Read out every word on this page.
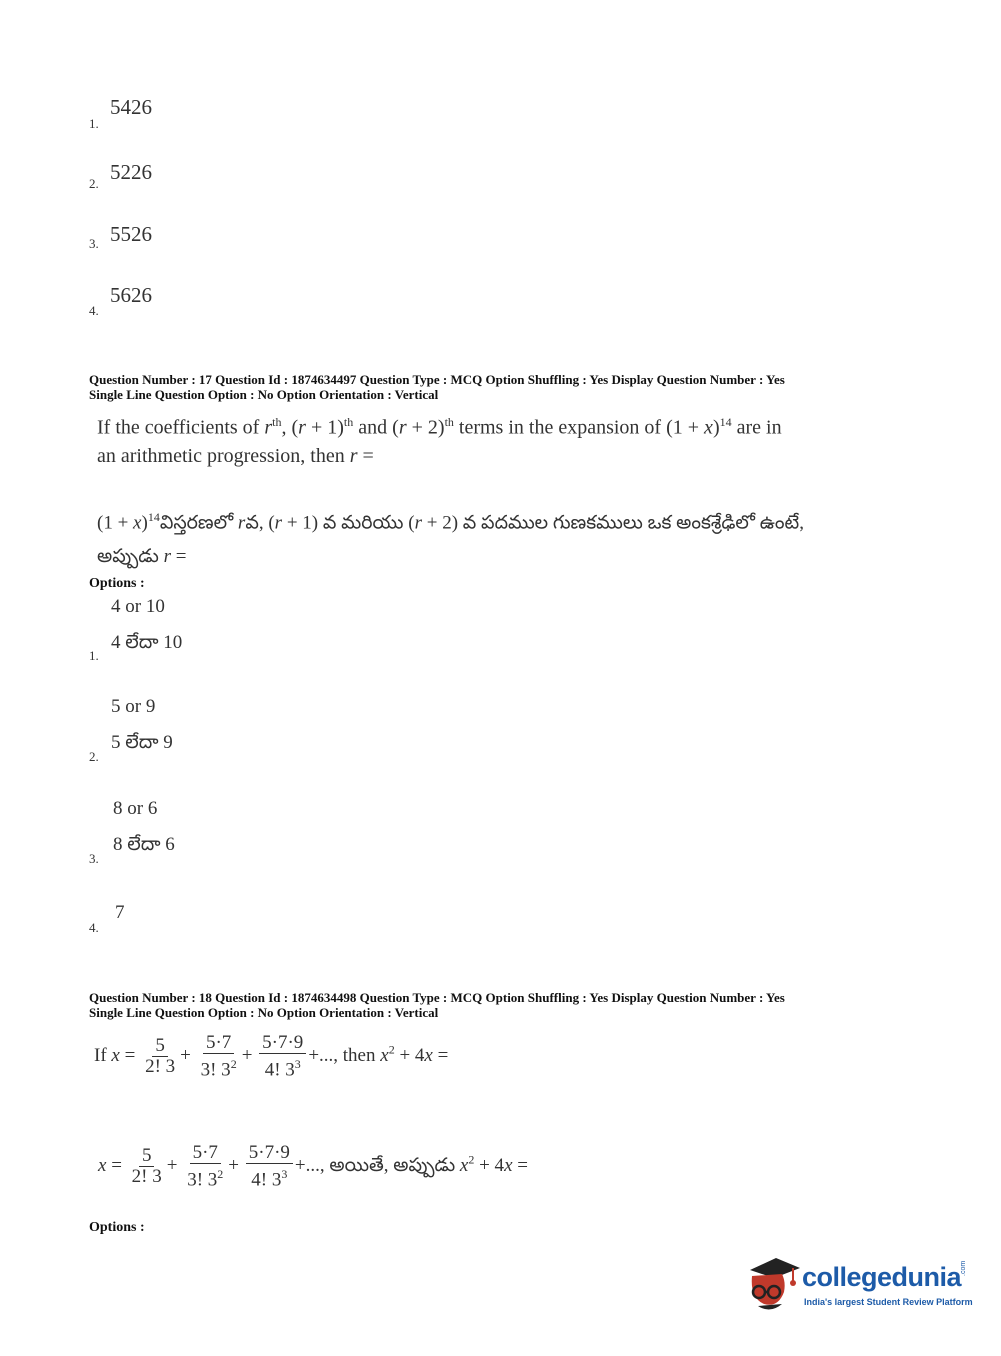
1.
5426
2. 5226
3. 5526
4.
5626
Question Number : 17 Question Id : 1874634497 Question Type : MCQ Option Shuffling : Yes Display Question Number : Yes
Single Line Question Option : No Option Orientation : Vertical
If the coefficients of $r^{th}$, $(r + 1)^{th}$ and $(r + 2)^{th}$ terms in the expansion of $(1 + x)^{14}$ are in
an arithmetic progression, then r =
$(1 + x)^{14}విస్తరణలో$ rవ, (r + 1) వ మరియు (r + 2) వ పదముల గుణకములు ఒక అంకశ్రేఢిలో ఉంటే,
అప్పుడు r =
Options :
4 or 10
4 లేదా 10
1.
5 or 9
5 లేదా 9
2.
8 or 6
8 లేదా 6
3.
7
4.
Question Number : 18 Question Id : 1874634498 Question Type : MCQ Option Shuffling : Yes Display Question Number : Yes
Single Line Question Option : No Option Orientation : Vertical
If $x = \frac{5}{2! 3} + \frac{5\cdot 7}{3! 3^2} + \frac{5\cdot 7\cdot 9}{4! 3^3}$ +..., then $x^2 + 4x$ =
$x = \frac{5}{2! 3} + \frac{5\cdot 7}{3! 3^2} + \frac{5\cdot 7\cdot 9}{4! 3^3}$ +..., అయితే, అప్పుడు $x^2 + 4x$ =
Options :
collegedunia
.com
India's largest Student Review Platform
